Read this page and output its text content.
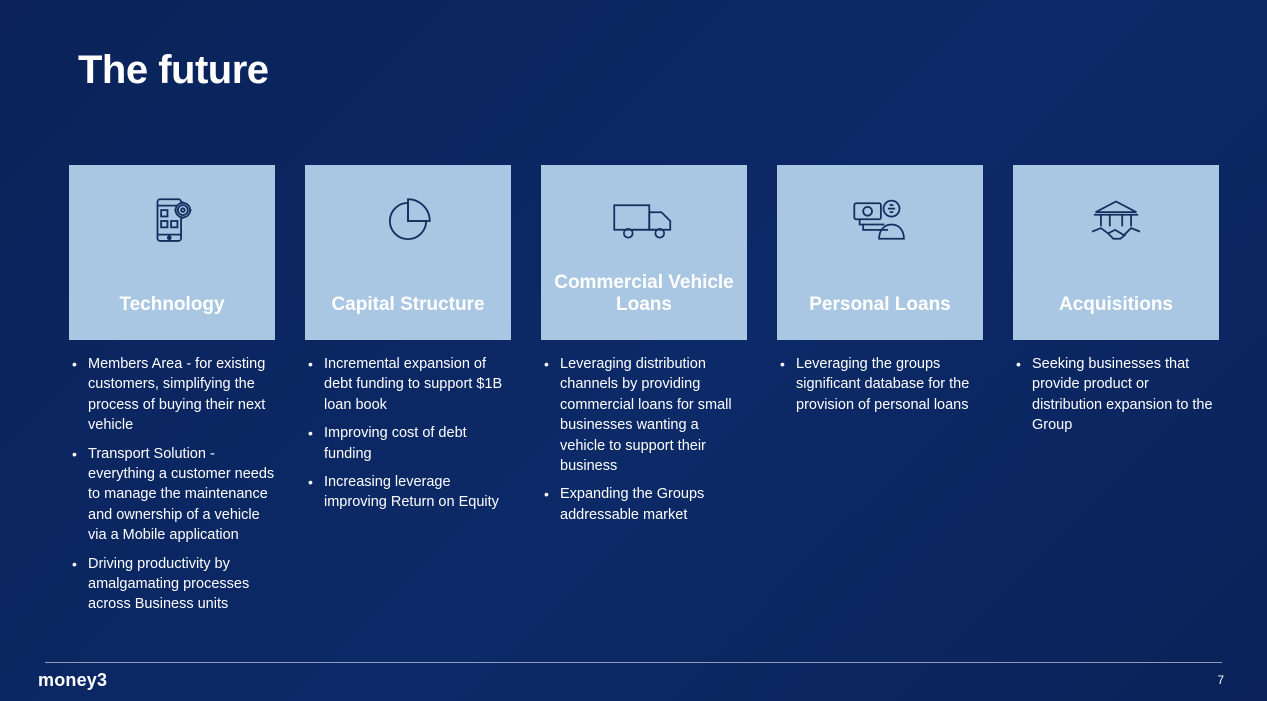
The future
Technology
• Members Area - for existing customers, simplifying the process of buying their next vehicle
• Transport Solution - everything a customer needs to manage the maintenance and ownership of a vehicle via a Mobile application
• Driving productivity by amalgamating processes across Business units
Capital Structure
• Incremental expansion of debt funding to support $1B loan book
• Improving cost of debt funding
• Increasing leverage improving Return on Equity
Commercial Vehicle Loans
• Leveraging distribution channels by providing commercial loans for small businesses wanting a vehicle to support their business
• Expanding the Groups addressable market
Personal Loans
• Leveraging the groups significant database for the provision of personal loans
Acquisitions
• Seeking businesses that provide product or distribution expansion to the Group
money3	7
